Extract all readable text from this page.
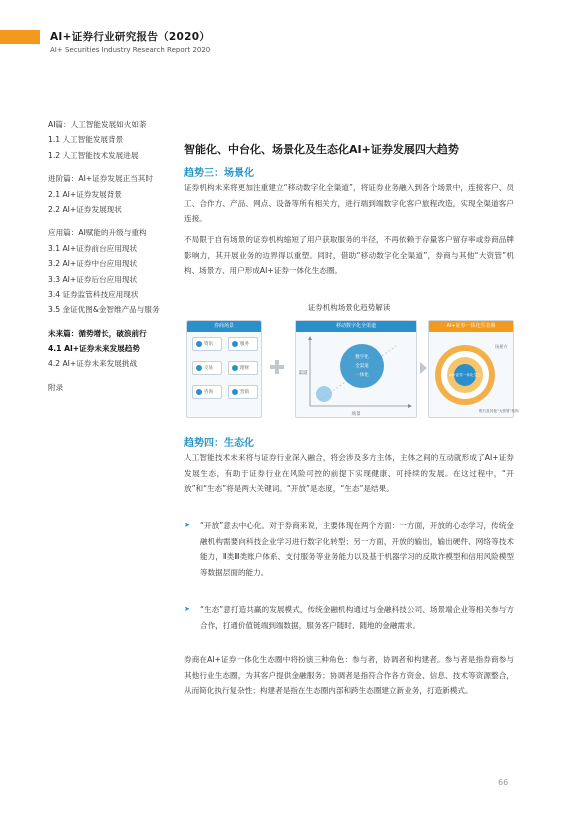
AI+证券行业研究报告（2020）
AI+ Securities Industry Research Report 2020
AI篇：人工智能发展如火如荼
1.1 人工智能发展背景
1.2 人工智能技术发展进展
进阶篇：AI+证券发展正当其时
2.1 AI+证券发展背景
2.2 AI+证券发展现状
应用篇：AI赋能的升级与重构
3.1 AI+证券前台应用现状
3.2 AI+证券中台应用现状
3.3 AI+证券后台应用现状
3.4 证券监管科技应用现状
3.5 金证优图&金智维产品与服务
未来篇：循势增长，破浪前行
4.1 AI+证券未来发展趋势
4.2 AI+证券未来发展挑战
附录
智能化、中台化、场景化及生态化AI+证券发展四大趋势
趋势三：场景化
证券机构未来将更加注重建立“移动数字化全渠道”，将证券业务融入到各个场景中，连接客户、员工、合作方、产品、网点、设备等所有相关方，进行端到端数字化客户旅程改造，实现全渠道客户连接。
不局限于自有场景的证券机构缩短了用户获取服务的半径，不再依赖于存量客户留存率或券商品牌影响力，其开展业务的边界得以重塑。同时，借助“移动数字化全渠道”，券商与其他“大资管”机构、场景方、用户形成AI+证券一体化生态圈。
证券机构场景化趋势解读
券商场景
资讯	服务
交易	理财
咨询	营销
移动数字化全渠道
数字化
全渠道
一体化
渠道
场景
AI+证券一体化生态圈
AI+证券一体化生态
场景方
银行及其他“大资管”机构
趋势四：生态化
人工智能技术未来将与证券行业深入融合，将会涉及多方主体，主体之间的互动就形成了AI+证券发展生态，有助于证券行业在风险可控的前提下实现健康、可持续的发展。在这过程中，“开放”和“生态”将是两大关键词。“开放”是态度，“生态”是结果。
➤ “开放”意去中心化。对于券商来说，主要体现在两个方面：一方面，开放的心态学习，传统金融机构需要向科技企业学习进行数字化转型；另一方面，开放的输出，输出硬件、网络等技术能力，Ⅱ类Ⅲ类账户体系、支付服务等业务能力以及基于机器学习的反欺诈模型和信用风险模型等数据层面的能力。
➤ “生态”意打造共赢的发展模式，传统金融机构通过与金融科技公司、场景端企业等相关参与方合作，打通价值链端到端数据，服务客户随时、随地的金融需求。
券商在AI+证券一体化生态圈中将扮演三种角色：参与者，协调者和构建者。参与者是指券商参与其他行业生态圈，为其客户提供金融服务；协调者是指符合作各方资金、信息、技术等资源整合，从而简化执行复杂性；构建者是指在生态圈内部和跨生态圈建立新业务，打造新模式。
66
